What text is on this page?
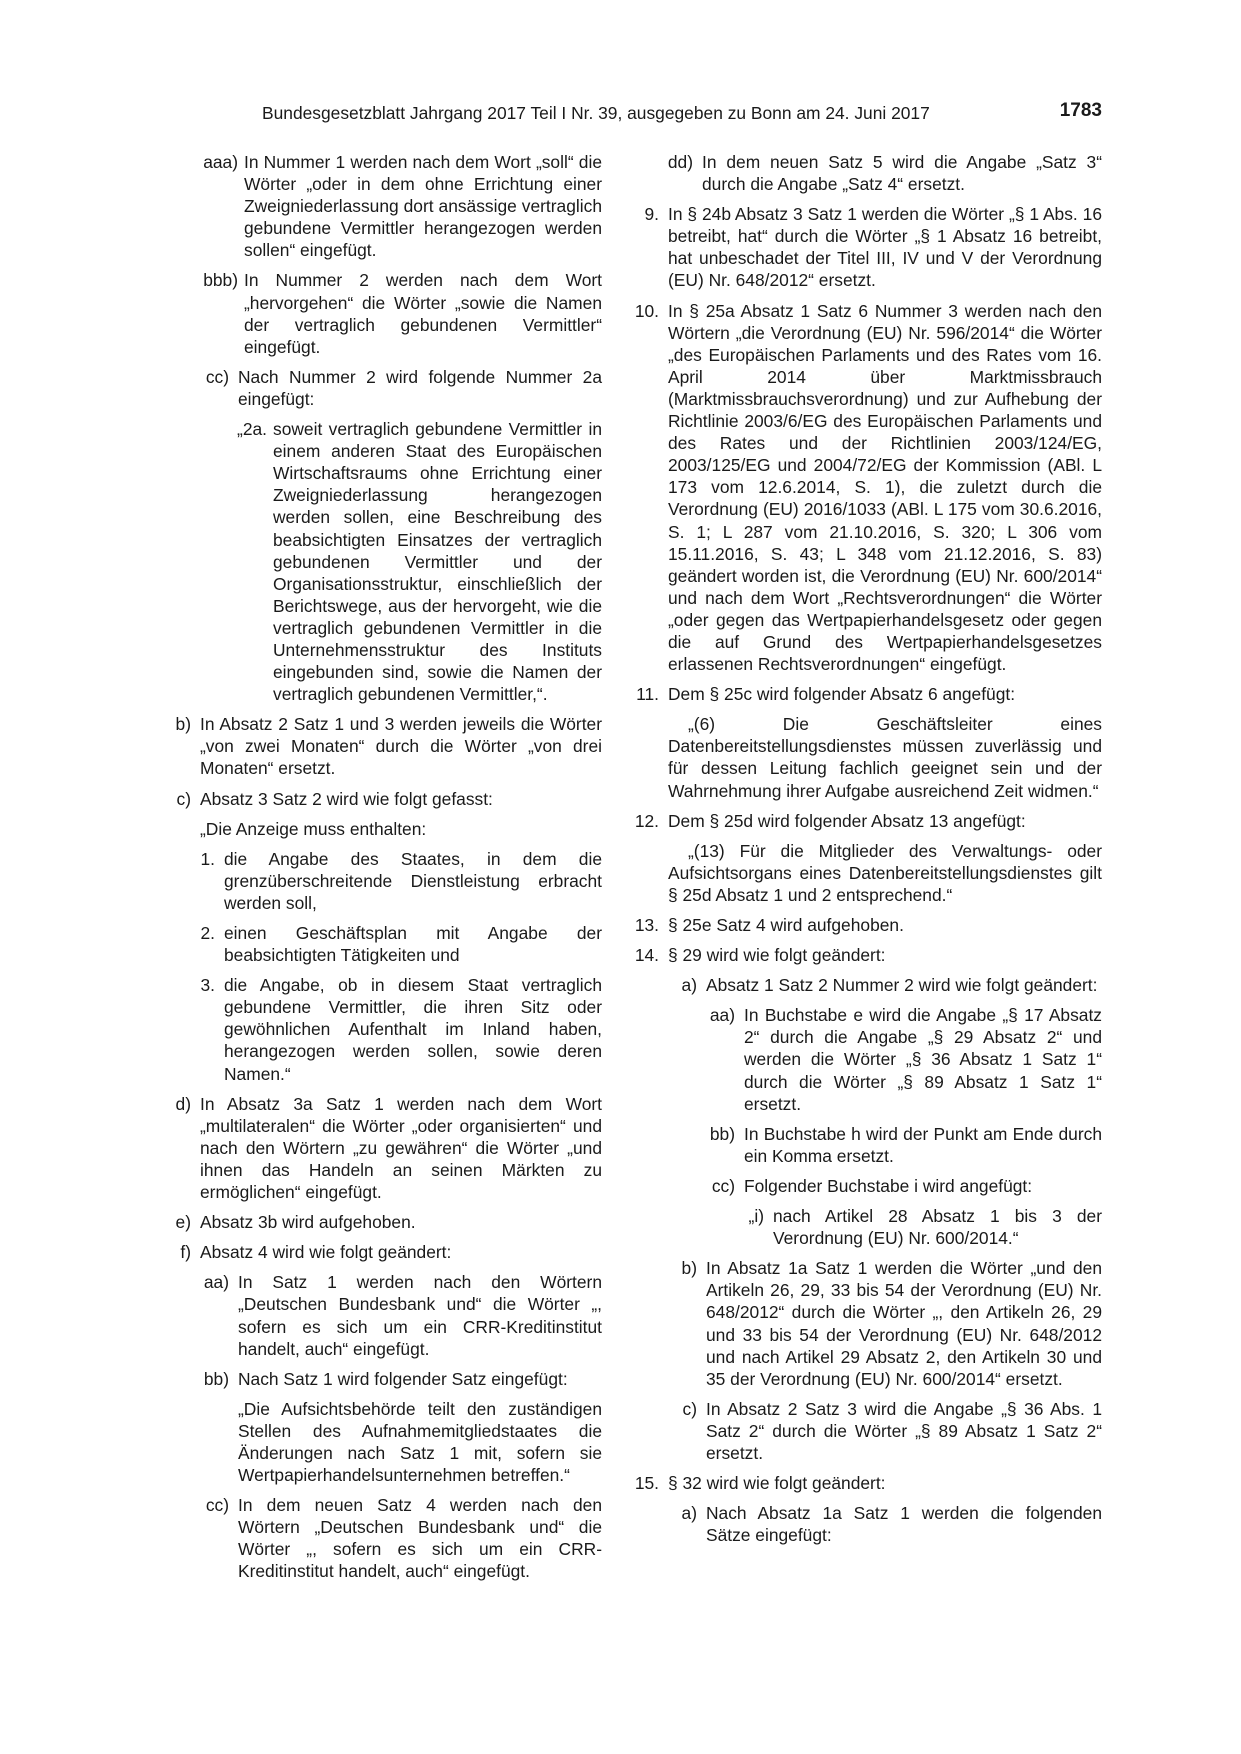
Bundesgesetzblatt Jahrgang 2017 Teil I Nr. 39, ausgegeben zu Bonn am 24. Juni 2017	1783
aaa) In Nummer 1 werden nach dem Wort „soll“ die Wörter „oder in dem ohne Errichtung einer Zweigniederlassung dort ansässige vertraglich gebundene Vermittler herangezogen werden sollen“ eingefügt.
bbb) In Nummer 2 werden nach dem Wort „hervorgehen“ die Wörter „sowie die Namen der vertraglich gebundenen Vermittler“ eingefügt.
cc) Nach Nummer 2 wird folgende Nummer 2a eingefügt:
„2a. soweit vertraglich gebundene Vermittler in einem anderen Staat des Europäischen Wirtschaftsraums ohne Errichtung einer Zweigniederlassung herangezogen werden sollen, eine Beschreibung des beabsichtigten Einsatzes der vertraglich gebundenen Vermittler und der Organisationsstruktur, einschließlich der Berichtswege, aus der hervorgeht, wie die vertraglich gebundenen Vermittler in die Unternehmensstruktur des Instituts eingebunden sind, sowie die Namen der vertraglich gebundenen Vermittler,“.
b) In Absatz 2 Satz 1 und 3 werden jeweils die Wörter „von zwei Monaten“ durch die Wörter „von drei Monaten“ ersetzt.
c) Absatz 3 Satz 2 wird wie folgt gefasst:
„Die Anzeige muss enthalten:
1. die Angabe des Staates, in dem die grenzüberschreitende Dienstleistung erbracht werden soll,
2. einen Geschäftsplan mit Angabe der beabsichtigten Tätigkeiten und
3. die Angabe, ob in diesem Staat vertraglich gebundene Vermittler, die ihren Sitz oder gewöhnlichen Aufenthalt im Inland haben, herangezogen werden sollen, sowie deren Namen.“
d) In Absatz 3a Satz 1 werden nach dem Wort „multilateralen“ die Wörter „oder organisierten“ und nach den Wörtern „zu gewähren“ die Wörter „und ihnen das Handeln an seinen Märkten zu ermöglichen“ eingefügt.
e) Absatz 3b wird aufgehoben.
f) Absatz 4 wird wie folgt geändert:
aa) In Satz 1 werden nach den Wörtern „Deutschen Bundesbank und“ die Wörter „, sofern es sich um ein CRR-Kreditinstitut handelt, auch“ eingefügt.
bb) Nach Satz 1 wird folgender Satz eingefügt:
„Die Aufsichtsbehörde teilt den zuständigen Stellen des Aufnahmemitgliedstaates die Änderungen nach Satz 1 mit, sofern sie Wertpapierhandelsunternehmen betreffen.“
cc) In dem neuen Satz 4 werden nach den Wörtern „Deutschen Bundesbank und“ die Wörter „, sofern es sich um ein CRR-Kreditinstitut handelt, auch“ eingefügt.
dd) In dem neuen Satz 5 wird die Angabe „Satz 3“ durch die Angabe „Satz 4“ ersetzt.
9. In § 24b Absatz 3 Satz 1 werden die Wörter „§ 1 Abs. 16 betreibt, hat“ durch die Wörter „§ 1 Absatz 16 betreibt, hat unbeschadet der Titel III, IV und V der Verordnung (EU) Nr. 648/2012“ ersetzt.
10. In § 25a Absatz 1 Satz 6 Nummer 3 werden nach den Wörtern „die Verordnung (EU) Nr. 596/2014“ die Wörter „des Europäischen Parlaments und des Rates vom 16. April 2014 über Marktmissbrauch (Marktmissbrauchsverordnung) und zur Aufhebung der Richtlinie 2003/6/EG des Europäischen Parlaments und des Rates und der Richtlinien 2003/124/EG, 2003/125/EG und 2004/72/EG der Kommission (ABl. L 173 vom 12.6.2014, S. 1), die zuletzt durch die Verordnung (EU) 2016/1033 (ABl. L 175 vom 30.6.2016, S. 1; L 287 vom 21.10.2016, S. 320; L 306 vom 15.11.2016, S. 43; L 348 vom 21.12.2016, S. 83) geändert worden ist, die Verordnung (EU) Nr. 600/2014“ und nach dem Wort „Rechtsverordnungen“ die Wörter „oder gegen das Wertpapierhandelsgesetz oder gegen die auf Grund des Wertpapierhandelsgesetzes erlassenen Rechtsverordnungen“ eingefügt.
11. Dem § 25c wird folgender Absatz 6 angefügt:
„(6) Die Geschäftsleiter eines Datenbereitstellungsdienstes müssen zuverlässig und für dessen Leitung fachlich geeignet sein und der Wahrnehmung ihrer Aufgabe ausreichend Zeit widmen.“
12. Dem § 25d wird folgender Absatz 13 angefügt:
„(13) Für die Mitglieder des Verwaltungs- oder Aufsichtsorgans eines Datenbereitstellungsdienstes gilt § 25d Absatz 1 und 2 entsprechend.“
13. § 25e Satz 4 wird aufgehoben.
14. § 29 wird wie folgt geändert:
a) Absatz 1 Satz 2 Nummer 2 wird wie folgt geändert:
aa) In Buchstabe e wird die Angabe „§ 17 Absatz 2“ durch die Angabe „§ 29 Absatz 2“ und werden die Wörter „§ 36 Absatz 1 Satz 1“ durch die Wörter „§ 89 Absatz 1 Satz 1“ ersetzt.
bb) In Buchstabe h wird der Punkt am Ende durch ein Komma ersetzt.
cc) Folgender Buchstabe i wird angefügt:
„i) nach Artikel 28 Absatz 1 bis 3 der Verordnung (EU) Nr. 600/2014.“
b) In Absatz 1a Satz 1 werden die Wörter „und den Artikeln 26, 29, 33 bis 54 der Verordnung (EU) Nr. 648/2012“ durch die Wörter „, den Artikeln 26, 29 und 33 bis 54 der Verordnung (EU) Nr. 648/2012 und nach Artikel 29 Absatz 2, den Artikeln 30 und 35 der Verordnung (EU) Nr. 600/2014“ ersetzt.
c) In Absatz 2 Satz 3 wird die Angabe „§ 36 Abs. 1 Satz 2“ durch die Wörter „§ 89 Absatz 1 Satz 2“ ersetzt.
15. § 32 wird wie folgt geändert:
a) Nach Absatz 1a Satz 1 werden die folgenden Sätze eingefügt:
